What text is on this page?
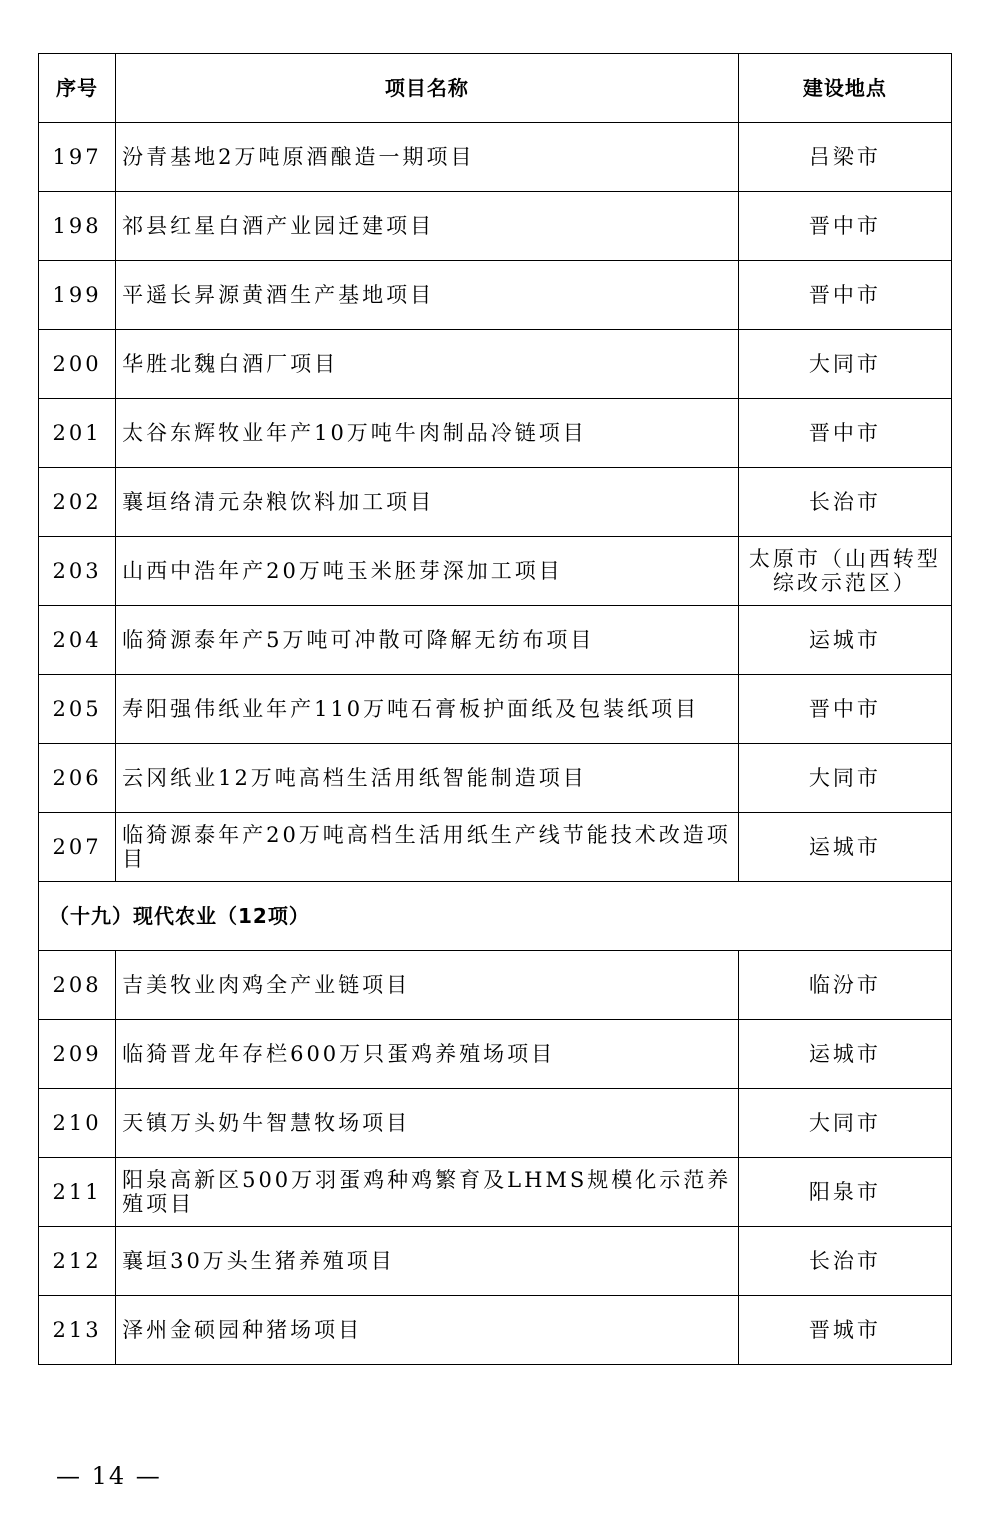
序号	项目名称	建设地点
197	汾青基地2万吨原酒酿造一期项目	吕梁市
198	祁县红星白酒产业园迁建项目	晋中市
199	平遥长昇源黄酒生产基地项目	晋中市
200	华胜北魏白酒厂项目	大同市
201	太谷东辉牧业年产10万吨牛肉制品冷链项目	晋中市
202	襄垣络清元杂粮饮料加工项目	长治市
203	山西中浩年产20万吨玉米胚芽深加工项目	太原市（山西转型综改示范区）
204	临猗源泰年产5万吨可冲散可降解无纺布项目	运城市
205	寿阳强伟纸业年产110万吨石膏板护面纸及包装纸项目	晋中市
206	云冈纸业12万吨高档生活用纸智能制造项目	大同市
207	临猗源泰年产20万吨高档生活用纸生产线节能技术改造项目	运城市
（十九）现代农业（12项）		
208	吉美牧业肉鸡全产业链项目	临汾市
209	临猗晋龙年存栏600万只蛋鸡养殖场项目	运城市
210	天镇万头奶牛智慧牧场项目	大同市
211	阳泉高新区500万羽蛋鸡种鸡繁育及LHMS规模化示范养殖项目	阳泉市
212	襄垣30万头生猪养殖项目	长治市
213	泽州金硕园种猪场项目	晋城市
— 14 —
